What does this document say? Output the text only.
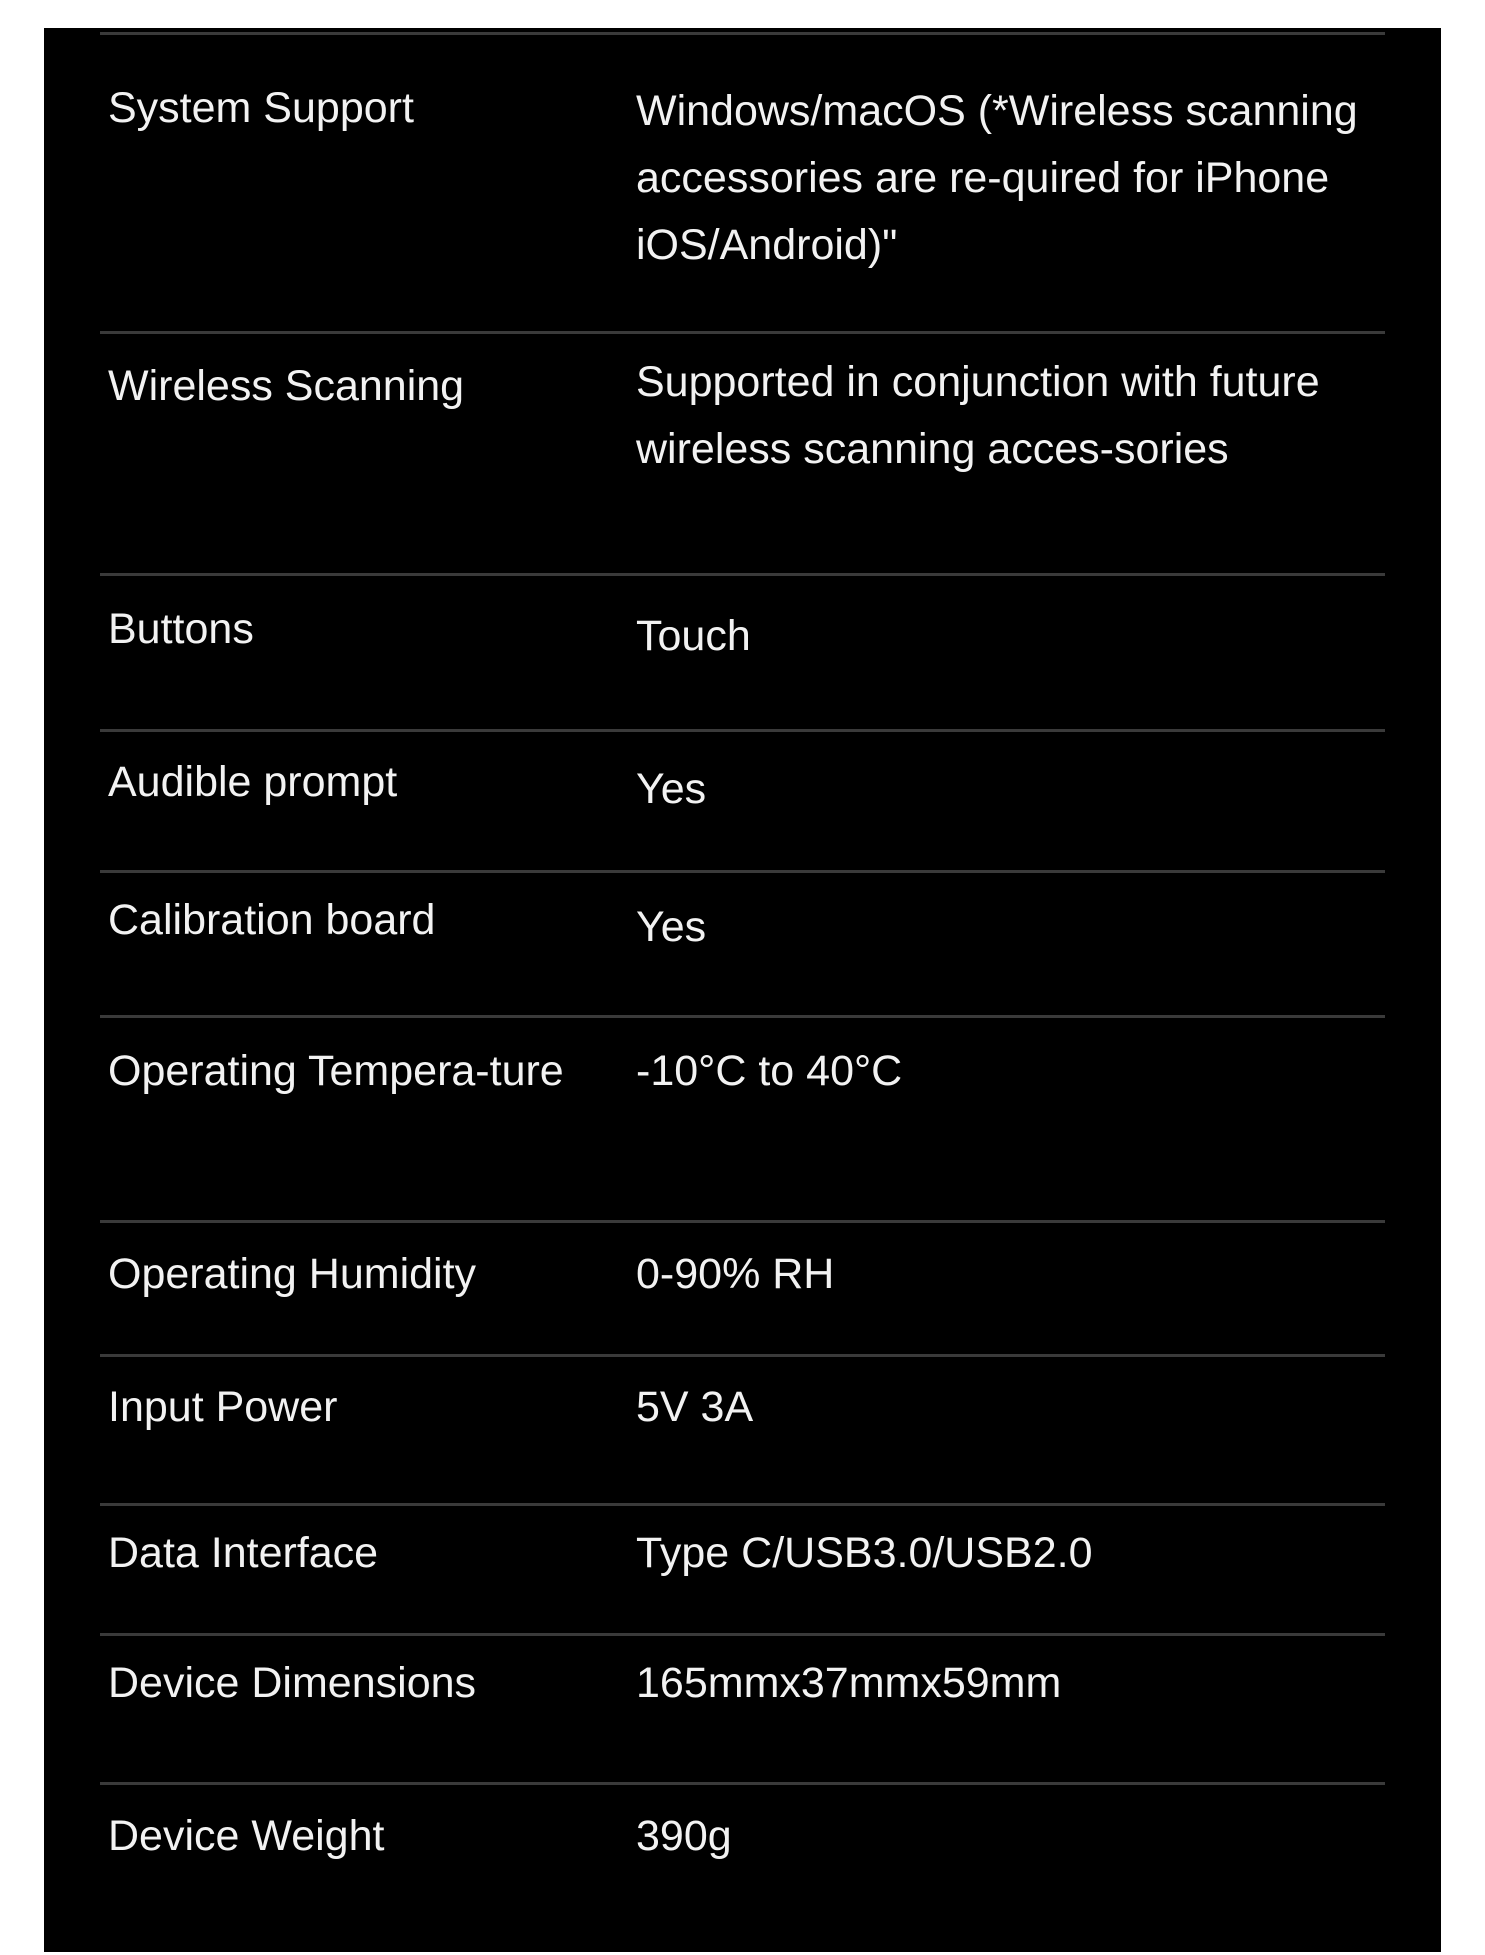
System Support	Windows/macOS (*Wireless scanning accessories are re-quired for iPhone iOS/Android)"
Wireless Scanning	Supported in conjunction with future wireless scanning acces-sories
Buttons	Touch
Audible prompt	Yes
Calibration board	Yes
Operating Tempera-ture	-10°C to 40°C
Operating Humidity	0-90% RH
Input Power	5V 3A
Data Interface	Type C/USB3.0/USB2.0
Device Dimensions	165mmx37mmx59mm
Device Weight	390g
